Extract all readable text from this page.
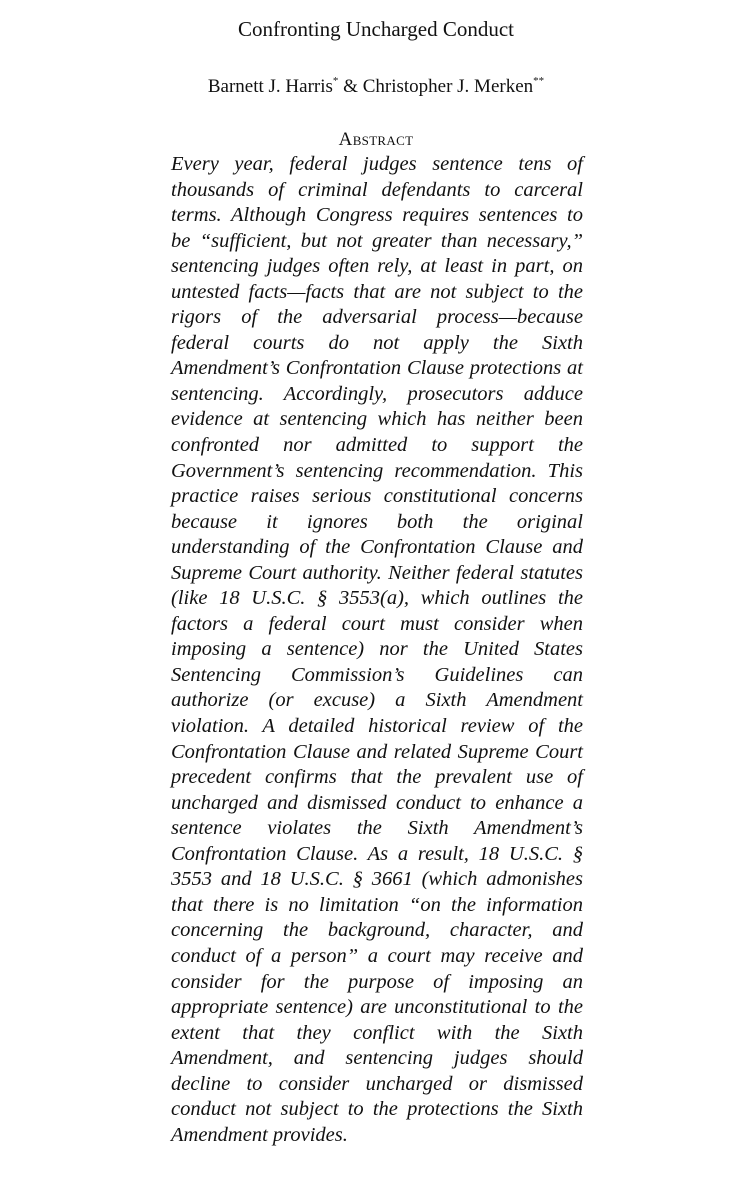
Confronting Uncharged Conduct
Barnett J. Harris* & Christopher J. Merken**
Abstract

Every year, federal judges sentence tens of thousands of criminal defendants to carceral terms. Although Congress requires sentences to be “sufficient, but not greater than necessary,” sentencing judges often rely, at least in part, on untested facts—facts that are not subject to the rigors of the adversarial process—because federal courts do not apply the Sixth Amendment’s Confrontation Clause protections at sentencing. Accordingly, prosecutors adduce evidence at sentencing which has neither been confronted nor admitted to support the Government’s sentencing recommendation. This practice raises serious constitutional concerns because it ignores both the original understanding of the Confrontation Clause and Supreme Court authority. Neither federal statutes (like 18 U.S.C. § 3553(a), which outlines the factors a federal court must consider when imposing a sentence) nor the United States Sentencing Commission’s Guidelines can authorize (or excuse) a Sixth Amendment violation. A detailed historical review of the Confrontation Clause and related Supreme Court precedent confirms that the prevalent use of uncharged and dismissed conduct to enhance a sentence violates the Sixth Amendment’s Confrontation Clause. As a result, 18 U.S.C. § 3553 and 18 U.S.C. § 3661 (which admonishes that there is no limitation “on the information concerning the background, character, and conduct of a person” a court may receive and consider for the purpose of imposing an appropriate sentence) are unconstitutional to the extent that they conflict with the Sixth Amendment, and sentencing judges should decline to consider uncharged or dismissed conduct not subject to the protections the Sixth Amendment provides.
